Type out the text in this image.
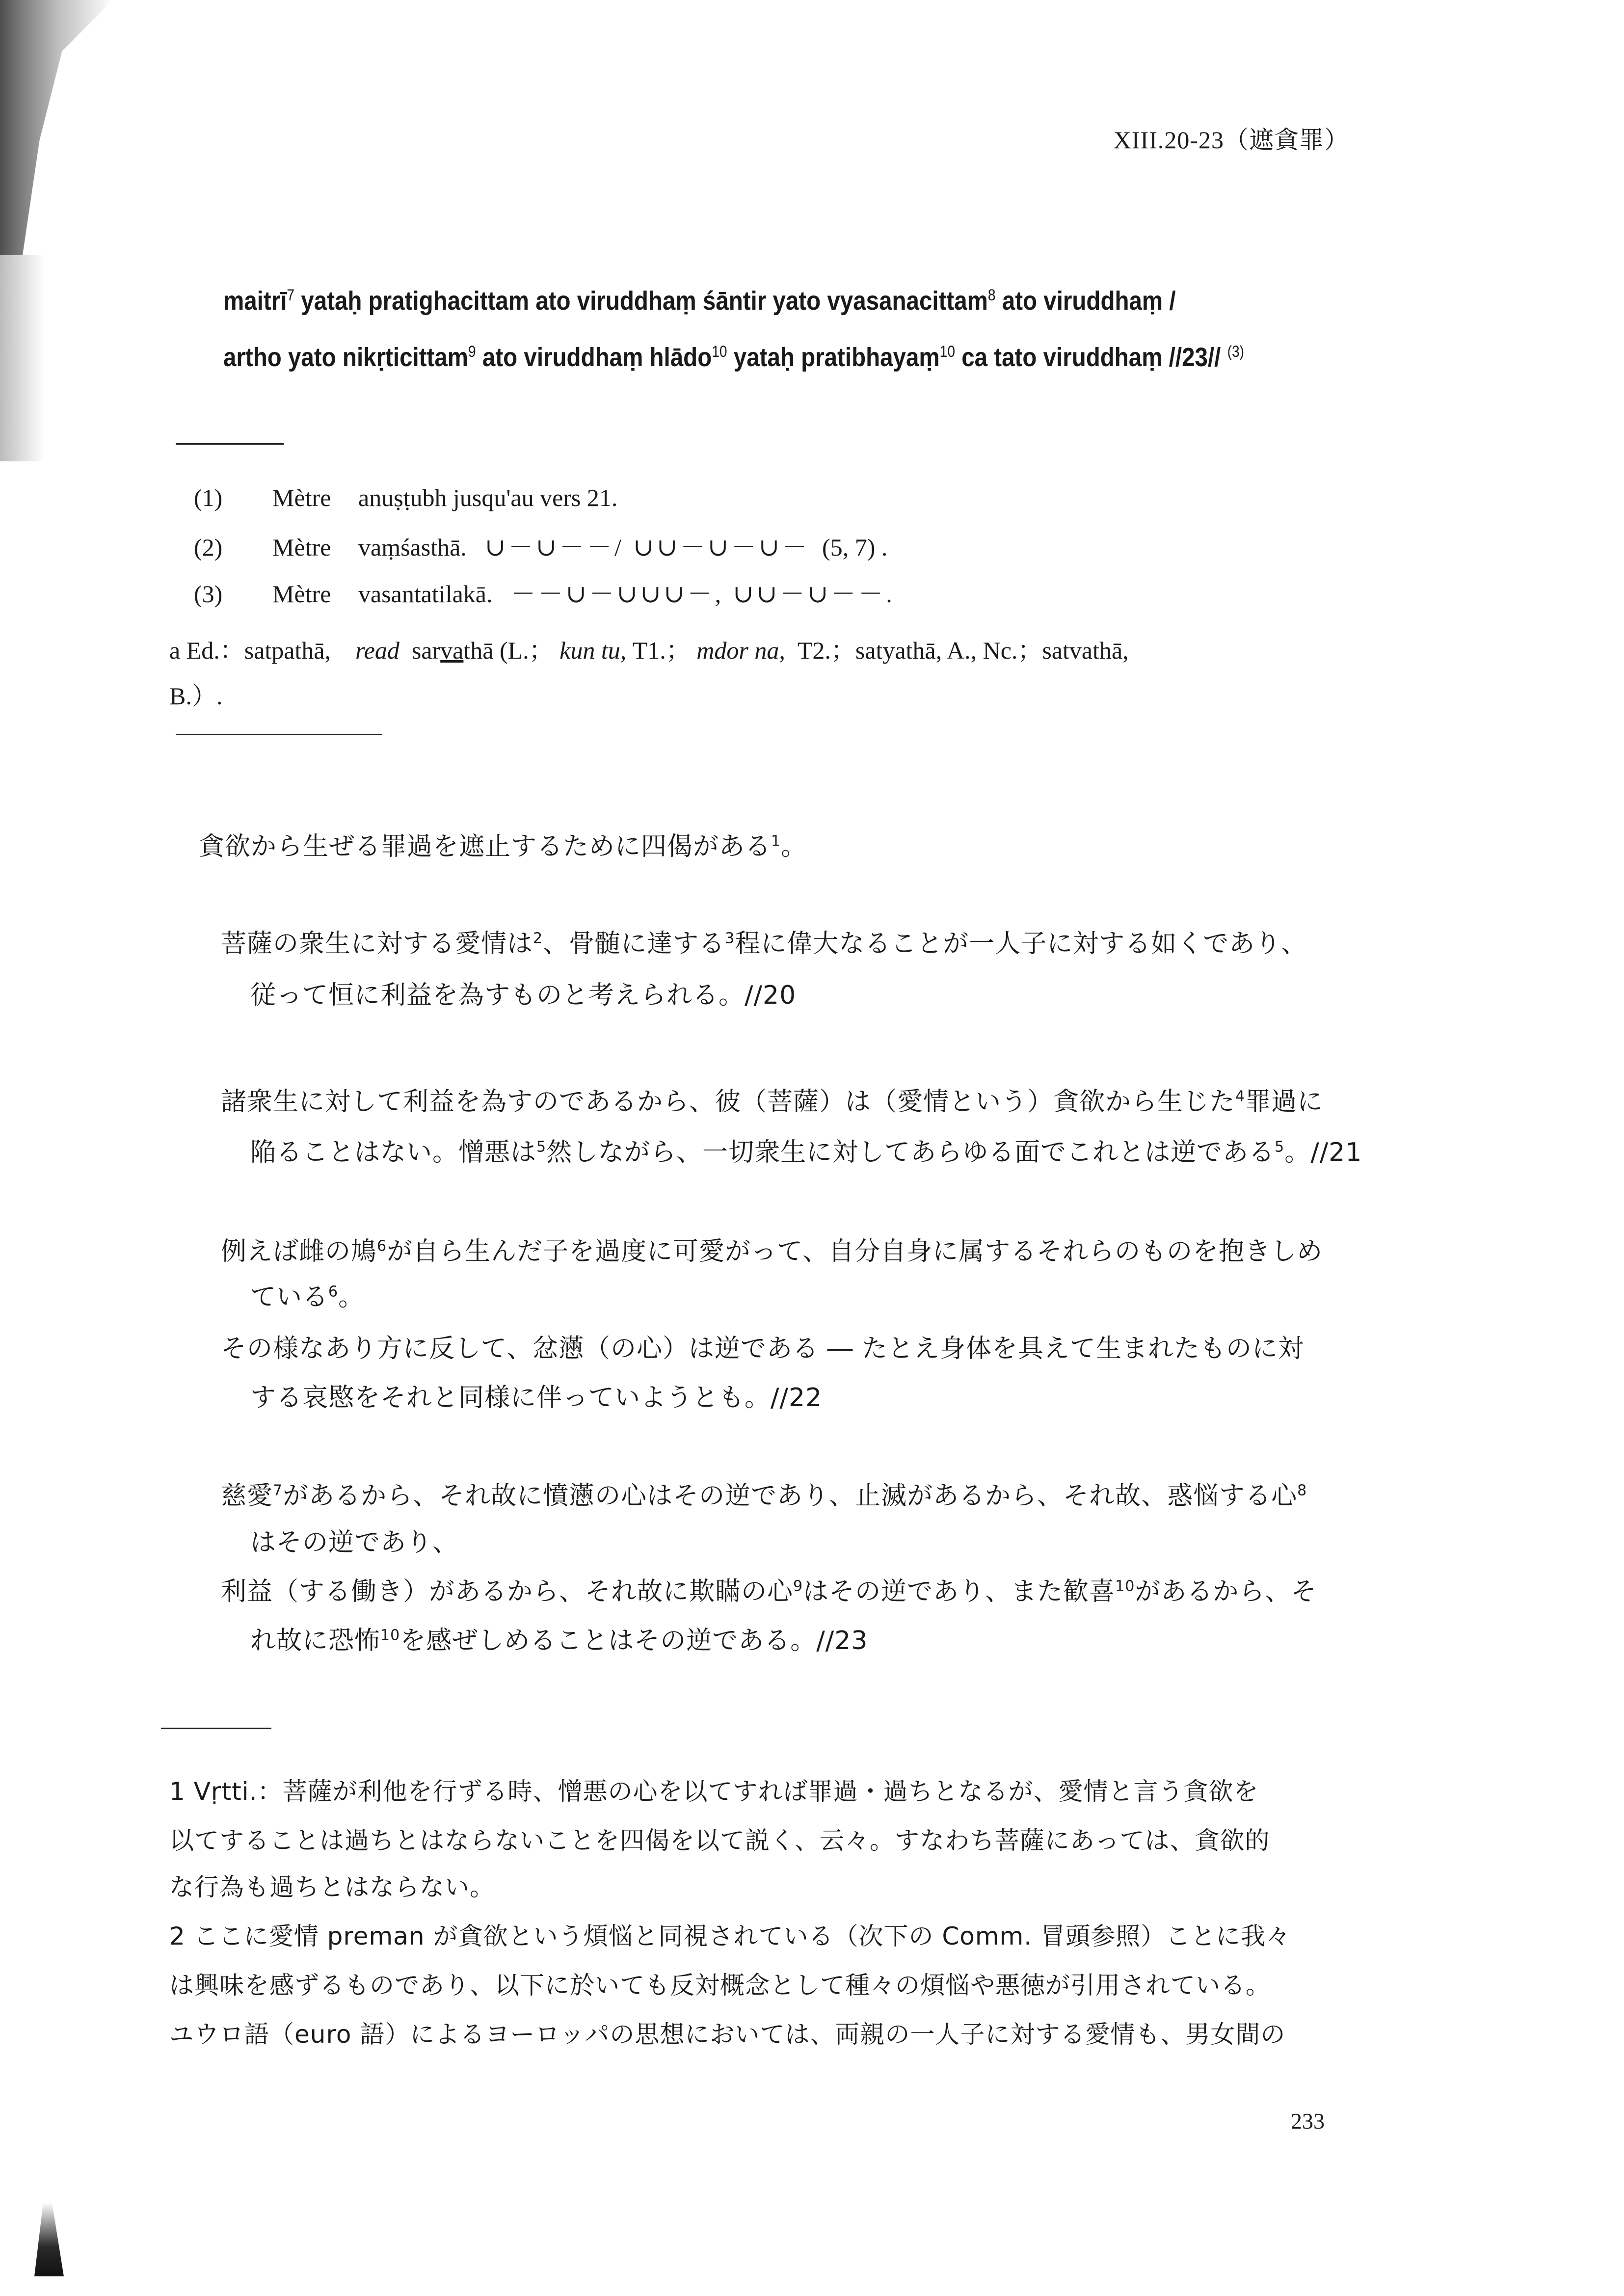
XIII.20-23（遮貪罪）
maitrī$^7$ yataḥ pratighacittam ato viruddhaṃ śāntir yato vyasanacittam$^8$ ato viruddhaṃ /
artho yato nikṛticittam$^9$ ato viruddhaṃ hlādo$^{10}$ yataḥ pratibhayaṃ$^{10}$ ca tato viruddhaṃ //23// $^{(3)}$
(1) Mètre anuṣṭubh jusqu'au vers 21.
(2) Mètre vaṃśasthā. ∪－∪－－/ ∪∪－∪－∪－ (5, 7) .
(3) Mètre vasantatilakā. －－∪－∪∪∪－, ∪∪－∪－－.
a Ed.：satpathā, read sarvathā (L.； kun tu, T1.； mdor na, T2.；satyathā, A., Nc.；satvathā,
B.）.
貪欲から生ぜる罪過を遮止するために四偈がある$^1$。
菩薩の衆生に対する愛情は$^2$、骨髄に達する$^3$程に偉大なることが一人子に対する如くであり、
従って恒に利益を為すものと考えられる。//20
諸衆生に対して利益を為すのであるから、彼（菩薩）は（愛情という）貪欲から生じた$^4$罪過に
陥ることはない。憎悪は$^5$然しながら、一切衆生に対してあらゆる面でこれとは逆である$^5$。//21
例えば雌の鳩$^6$が自ら生んだ子を過度に可愛がって、自分自身に属するそれらのものを抱きしめ
ている$^6$。
その様なあり方に反して、忿懣（の心）は逆である ― たとえ身体を具えて生まれたものに対
する哀愍をそれと同様に伴っていようとも。//22
慈愛$^7$があるから、それ故に憤懣の心はその逆であり、止滅があるから、それ故、惑悩する心$^8$
はその逆であり、
利益（する働き）があるから、それ故に欺瞞の心$^9$はその逆であり、また歓喜$^{10}$があるから、そ
れ故に恐怖$^{10}$を感ぜしめることはその逆である。//23
1 Vṛtti.：菩薩が利他を行ずる時、憎悪の心を以てすれば罪過・過ちとなるが、愛情と言う貪欲を
以てすることは過ちとはならないことを四偈を以て説く、云々。すなわち菩薩にあっては、貪欲的
な行為も過ちとはならない。
2 ここに愛情 preman が貪欲という煩悩と同視されている（次下の Comm. 冒頭参照）ことに我々
は興味を感ずるものであり、以下に於いても反対概念として種々の煩悩や悪徳が引用されている。
ユウロ語（euro 語）によるヨーロッパの思想においては、両親の一人子に対する愛情も、男女間の
233
